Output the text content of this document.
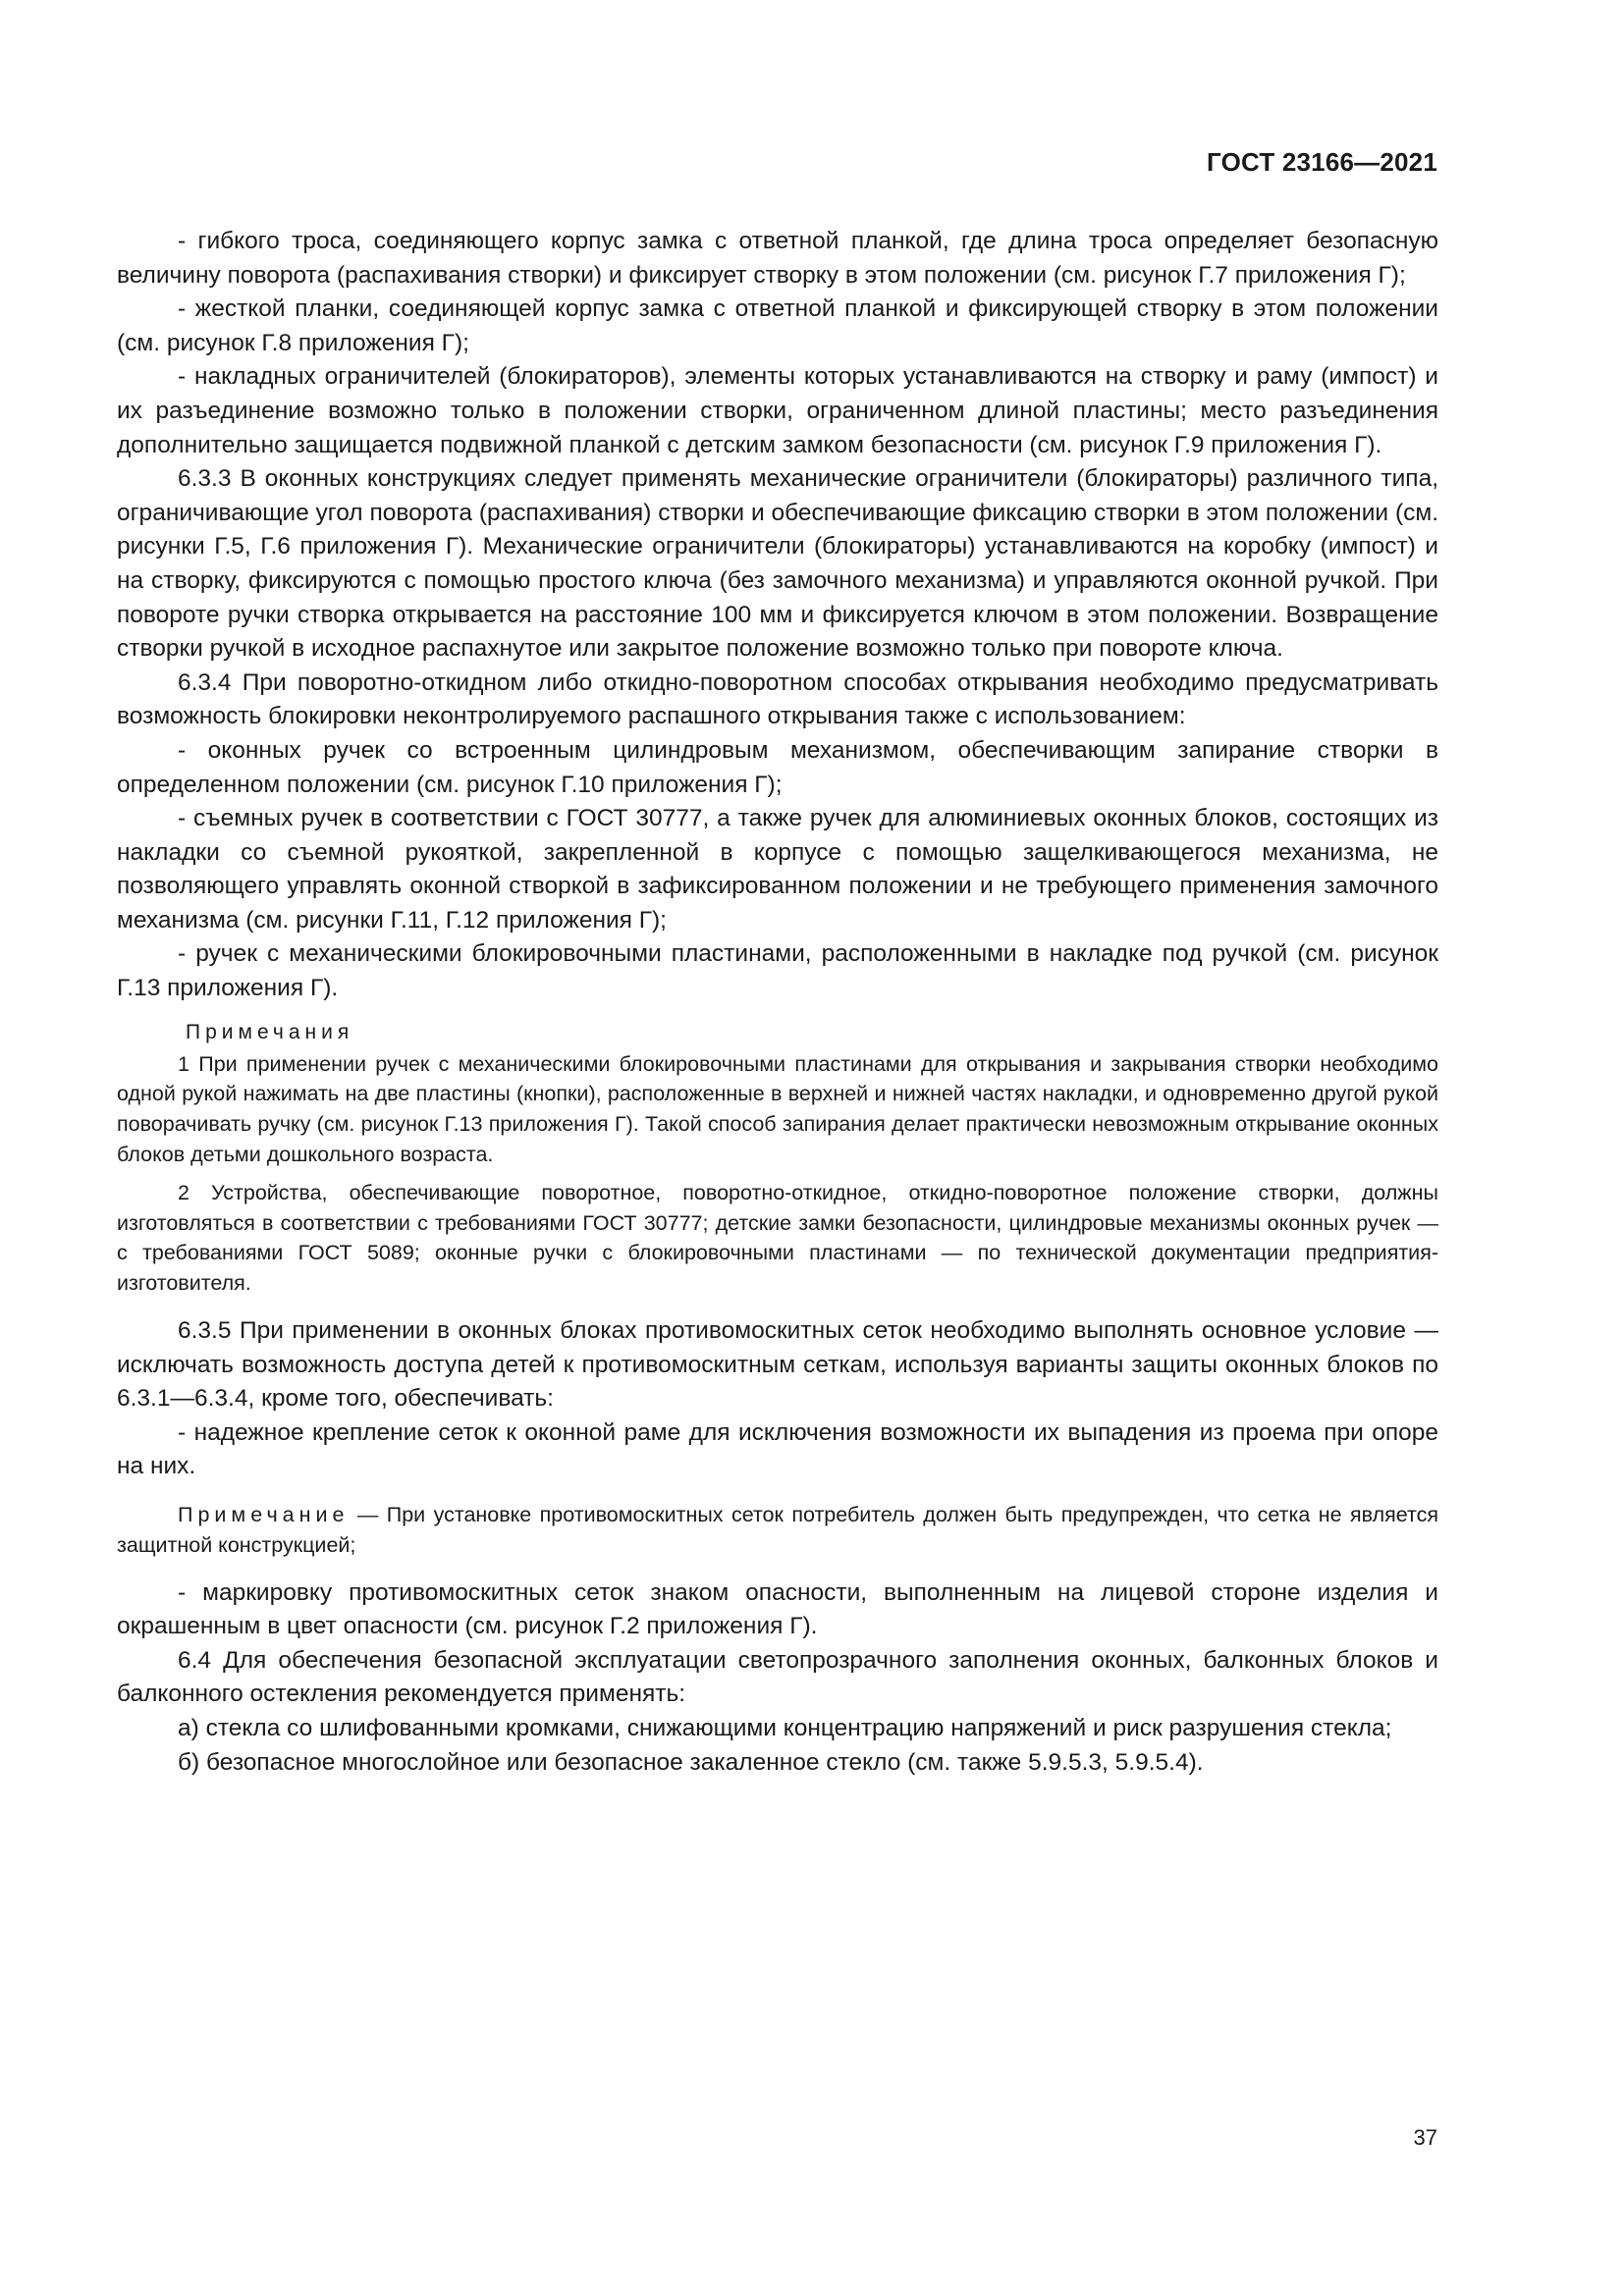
ГОСТ 23166—2021

- гибкого троса, соединяющего корпус замка с ответной планкой, где длина троса определяет безопасную величину поворота (распахивания створки) и фиксирует створку в этом положении (см. рисунок Г.7 приложения Г);

- жесткой планки, соединяющей корпус замка с ответной планкой и фиксирующей створку в этом положении (см. рисунок Г.8 приложения Г);

- накладных ограничителей (блокираторов), элементы которых устанавливаются на створку и раму (импост) и их разъединение возможно только в положении створки, ограниченном длиной пластины; место разъединения дополнительно защищается подвижной планкой с детским замком безопасности (см. рисунок Г.9 приложения Г).

6.3.3 В оконных конструкциях следует применять механические ограничители (блокираторы) различного типа, ограничивающие угол поворота (распахивания) створки и обеспечивающие фиксацию створки в этом положении (см. рисунки Г.5, Г.6 приложения Г). Механические ограничители (блокираторы) устанавливаются на коробку (импост) и на створку, фиксируются с помощью простого ключа (без замочного механизма) и управляются оконной ручкой. При повороте ручки створка открывается на расстояние 100 мм и фиксируется ключом в этом положении. Возвращение створки ручкой в исходное распахнутое или закрытое положение возможно только при повороте ключа.

6.3.4 При поворотно-откидном либо откидно-поворотном способах открывания необходимо предусматривать возможность блокировки неконтролируемого распашного открывания также с использованием:

- оконных ручек со встроенным цилиндровым механизмом, обеспечивающим запирание створки в определенном положении (см. рисунок Г.10 приложения Г);

- съемных ручек в соответствии с ГОСТ 30777, а также ручек для алюминиевых оконных блоков, состоящих из накладки со съемной рукояткой, закрепленной в корпусе с помощью защелкивающегося механизма, не позволяющего управлять оконной створкой в зафиксированном положении и не требующего применения замочного механизма (см. рисунки Г.11, Г.12 приложения Г);

- ручек с механическими блокировочными пластинами, расположенными в накладке под ручкой (см. рисунок Г.13 приложения Г).

Примечания

1 При применении ручек с механическими блокировочными пластинами для открывания и закрывания створки необходимо одной рукой нажимать на две пластины (кнопки), расположенные в верхней и нижней частях накладки, и одновременно другой рукой поворачивать ручку (см. рисунок Г.13 приложения Г). Такой способ запирания делает практически невозможным открывание оконных блоков детьми дошкольного возраста.

2 Устройства, обеспечивающие поворотное, поворотно-откидное, откидно-поворотное положение створки, должны изготовляться в соответствии с требованиями ГОСТ 30777; детские замки безопасности, цилиндровые механизмы оконных ручек — с требованиями ГОСТ 5089; оконные ручки с блокировочными пластинами — по технической документации предприятия-изготовителя.

6.3.5 При применении в оконных блоках противомоскитных сеток необходимо выполнять основное условие — исключать возможность доступа детей к противомоскитным сеткам, используя варианты защиты оконных блоков по 6.3.1—6.3.4, кроме того, обеспечивать:

- надежное крепление сеток к оконной раме для исключения возможности их выпадения из проема при опоре на них.

Примечание — При установке противомоскитных сеток потребитель должен быть предупрежден, что сетка не является защитной конструкцией;

- маркировку противомоскитных сеток знаком опасности, выполненным на лицевой стороне изделия и окрашенным в цвет опасности (см. рисунок Г.2 приложения Г).

6.4 Для обеспечения безопасной эксплуатации светопрозрачного заполнения оконных, балконных блоков и балконного остекления рекомендуется применять:

а) стекла со шлифованными кромками, снижающими концентрацию напряжений и риск разрушения стекла;

б) безопасное многослойное или безопасное закаленное стекло (см. также 5.9.5.3, 5.9.5.4).

37
